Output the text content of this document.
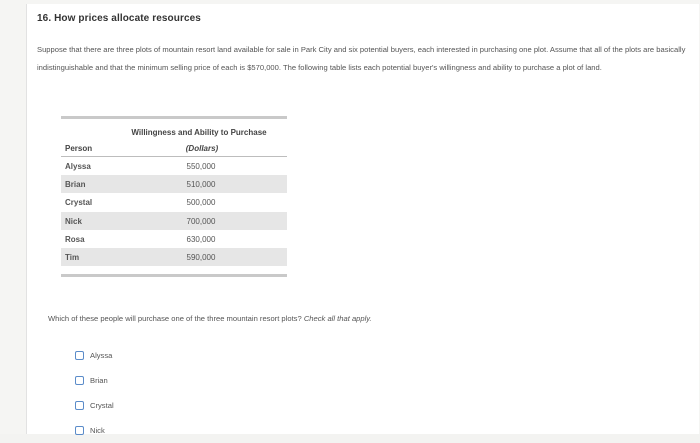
16. How prices allocate resources
Suppose that there are three plots of mountain resort land available for sale in Park City and six potential buyers, each interested in purchasing one plot. Assume that all of the plots are basically indistinguishable and that the minimum selling price of each is $570,000. The following table lists each potential buyer's willingness and ability to purchase a plot of land.
Willingness and Ability to Purchase
Person	(Dollars)
Alyssa	550,000
Brian	510,000
Crystal	500,000
Nick	700,000
Rosa	630,000
Tim	590,000
Which of these people will purchase one of the three mountain resort plots? Check all that apply.
Alyssa
Brian
Crystal
Nick
